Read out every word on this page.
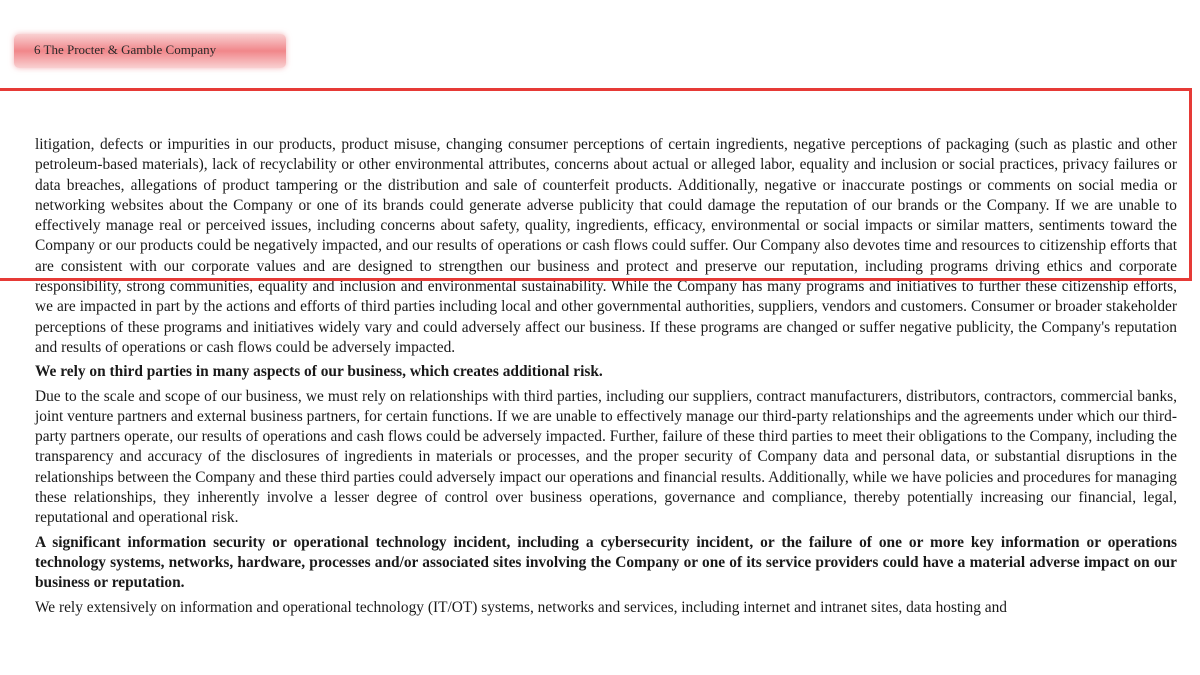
6 The Procter & Gamble Company

litigation, defects or impurities in our products, product misuse, changing consumer perceptions of certain ingredients, negative perceptions of packaging (such as plastic and other petroleum-based materials), lack of recyclability or other environmental attributes, concerns about actual or alleged labor, equality and inclusion or social practices, privacy failures or data breaches, allegations of product tampering or the distribution and sale of counterfeit products. Additionally, negative or inaccurate postings or comments on social media or networking websites about the Company or one of its brands could generate adverse publicity that could damage the reputation of our brands or the Company. If we are unable to effectively manage real or perceived issues, including concerns about safety, quality, ingredients, efficacy, environmental or social impacts or similar matters, sentiments toward the Company or our products could be negatively impacted, and our results of operations or cash flows could suffer. Our Company also devotes time and resources to citizenship efforts that are consistent with our corporate values and are designed to strengthen our business and protect and preserve our reputation, including programs driving ethics and corporate responsibility, strong communities, equality and inclusion and environmental sustainability. While the Company has many programs and initiatives to further these citizenship efforts, we are impacted in part by the actions and efforts of third parties including local and other governmental authorities, suppliers, vendors and customers. Consumer or broader stakeholder perceptions of these programs and initiatives widely vary and could adversely affect our business. If these programs are changed or suffer negative publicity, the Company's reputation and results of operations or cash flows could be adversely impacted.

We rely on third parties in many aspects of our business, which creates additional risk.

Due to the scale and scope of our business, we must rely on relationships with third parties, including our suppliers, contract manufacturers, distributors, contractors, commercial banks, joint venture partners and external business partners, for certain functions. If we are unable to effectively manage our third-party relationships and the agreements under which our third-party partners operate, our results of operations and cash flows could be adversely impacted. Further, failure of these third parties to meet their obligations to the Company, including the transparency and accuracy of the disclosures of ingredients in materials or processes, and the proper security of Company data and personal data, or substantial disruptions in the relationships between the Company and these third parties could adversely impact our operations and financial results. Additionally, while we have policies and procedures for managing these relationships, they inherently involve a lesser degree of control over business operations, governance and compliance, thereby potentially increasing our financial, legal, reputational and operational risk.

A significant information security or operational technology incident, including a cybersecurity incident, or the failure of one or more key information or operations technology systems, networks, hardware, processes and/or associated sites involving the Company or one of its service providers could have a material adverse impact on our business or reputation.

We rely extensively on information and operational technology (IT/OT) systems, networks and services, including internet and intranet sites, data hosting and
